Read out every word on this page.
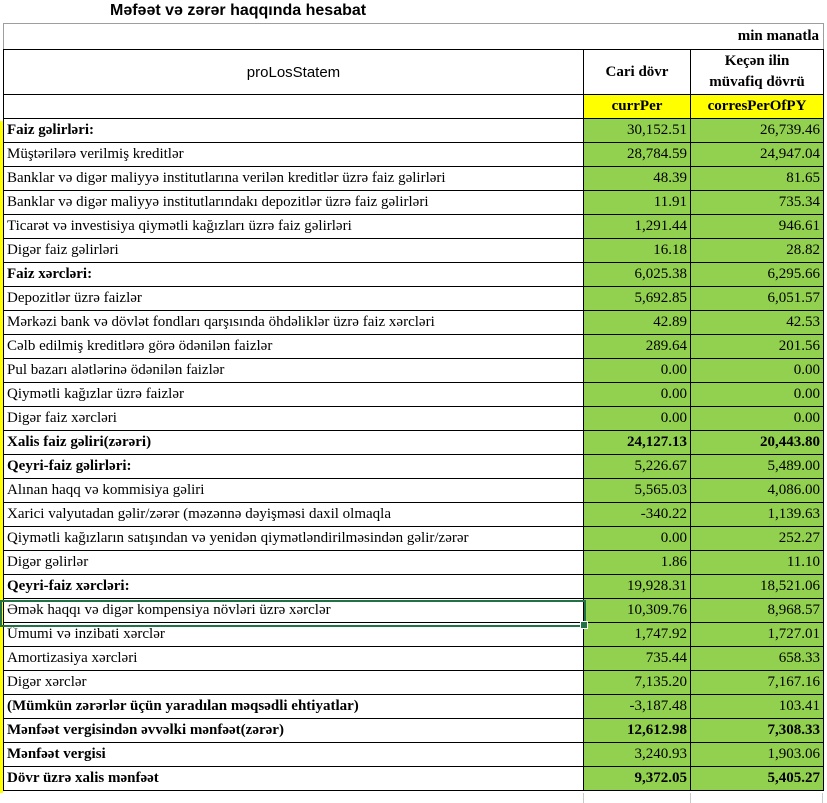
Məfəət və zərər haqqında hesabat
min manatla		
proLosStatem	Cari dövr	Keçən ilin
müvafiq dövrü
	currPer	corresPerOfPY
Faiz gəlirləri:	30,152.51	26,739.46
Müştərilərə verilmiş kreditlər	28,784.59	24,947.04
Banklar və digər maliyyə institutlarına verilən kreditlər üzrə faiz gəlirləri	48.39	81.65
Banklar və digər maliyyə institutlarındakı depozitlər üzrə faiz gəlirləri	11.91	735.34
Ticarət və investisiya qiymətli kağızları üzrə faiz gəlirləri	1,291.44	946.61
Digər faiz gəlirləri	16.18	28.82
Faiz xərcləri:	6,025.38	6,295.66
Depozitlər üzrə faizlər	5,692.85	6,051.57
Mərkəzi bank və dövlət fondları qarşısında öhdəliklər üzrə faiz xərcləri	42.89	42.53
Cəlb edilmiş kreditlərə görə ödənilən faizlər	289.64	201.56
Pul bazarı alətlərinə ödənilən faizlər	0.00	0.00
Qiymətli kağızlar üzrə faizlər	0.00	0.00
Digər faiz xərcləri	0.00	0.00
Xalis faiz gəliri(zərəri)	24,127.13	20,443.80
Qeyri-faiz gəlirləri:	5,226.67	5,489.00
Alınan haqq və kommisiya gəliri	5,565.03	4,086.00
Xarici valyutadan gəlir/zərər (məzənnə dəyişməsi daxil olmaqla	-340.22	1,139.63
Qiymətli kağızların satışından və yenidən qiymətləndirilməsindən gəlir/zərər	0.00	252.27
Digər gəlirlər	1.86	11.10
Qeyri-faiz xərcləri:	19,928.31	18,521.06
Əmək haqqı və digər kompensiya növləri üzrə xərclər	10,309.76	8,968.57
Ümumi və inzibati xərclər	1,747.92	1,727.01
Amortizasiya xərcləri	735.44	658.33
Digər xərclər	7,135.20	7,167.16
(Mümkün zərərlər üçün yaradılan məqsədli ehtiyatlar)	-3,187.48	103.41
Mənfəət vergisindən əvvəlki mənfəət(zərər)	12,612.98	7,308.33
Mənfəət vergisi	3,240.93	1,903.06
Dövr üzrə xalis mənfəət	9,372.05	5,405.27
